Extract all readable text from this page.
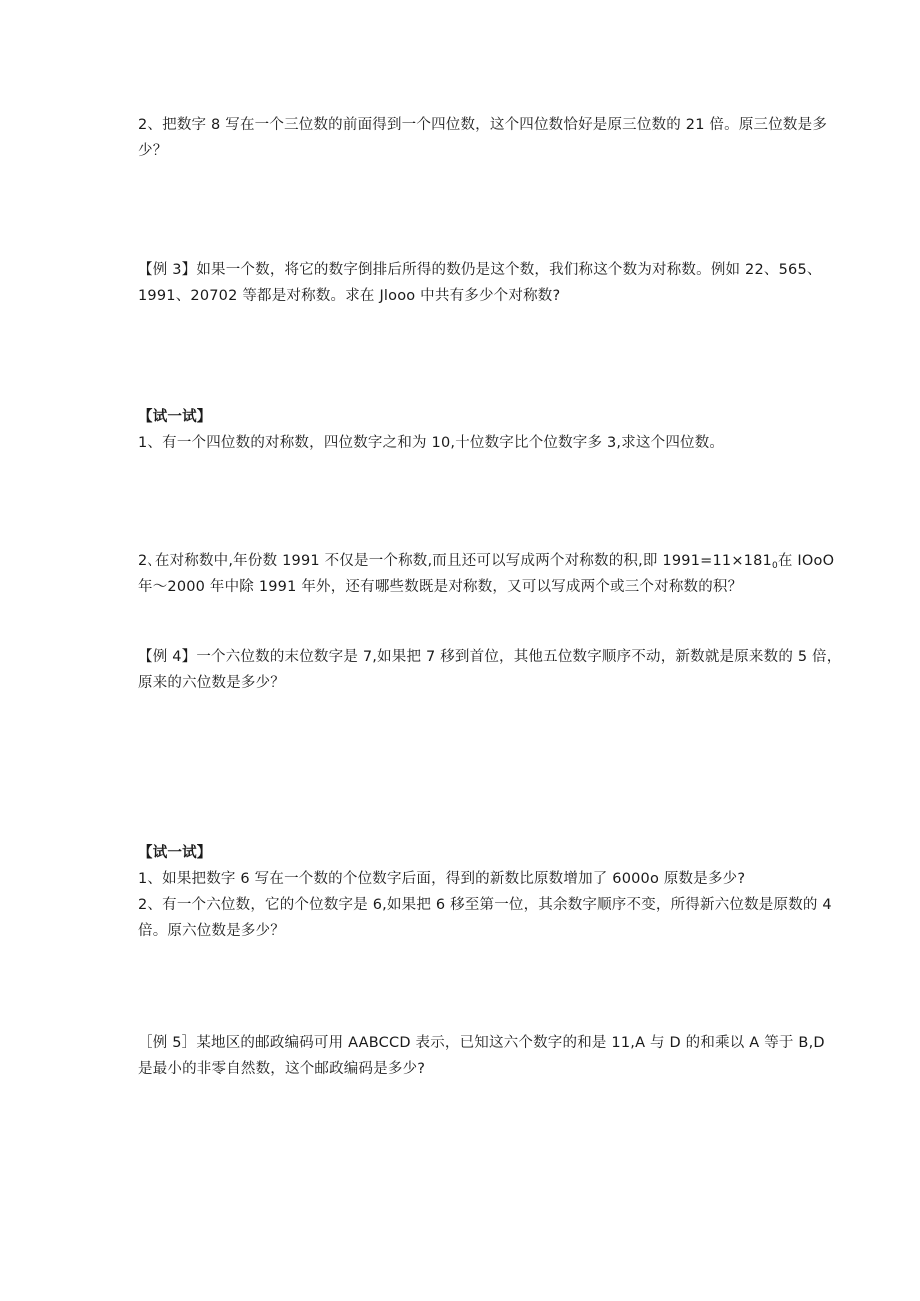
2、把数字 8 写在一个三位数的前面得到一个四位数，这个四位数恰好是原三位数的 21 倍。原三位数是多
少？
【例 3】如果一个数，将它的数字倒排后所得的数仍是这个数，我们称这个数为对称数。例如 22、565、
1991、20702 等都是对称数。求在 Jlooo 中共有多少个对称数?
【试一试】
1、有一个四位数的对称数，四位数字之和为 10,十位数字比个位数字多 3,求这个四位数。
2､在对称数中,年份数 1991 不仅是一个称数,而且还可以写成两个对称数的积,即 $1991=11\times 181_0$在 IOoO
年～2000 年中除 1991 年外，还有哪些数既是对称数，又可以写成两个或三个对称数的积？
【例 4】一个六位数的末位数字是 7,如果把 7 移到首位，其他五位数字顺序不动，新数就是原来数的 5 倍，
原来的六位数是多少？
【试一试】
1、如果把数字 6 写在一个数的个位数字后面，得到的新数比原数增加了 6000o 原数是多少?
2、有一个六位数，它的个位数字是 6,如果把 6 移至第一位，其余数字顺序不变，所得新六位数是原数的 4
倍。原六位数是多少？
［例 5］某地区的邮政编码可用 AABCCD 表示，已知这六个数字的和是 11,A 与 D 的和乘以 A 等于 B,D
是最小的非零自然数，这个邮政编码是多少?
